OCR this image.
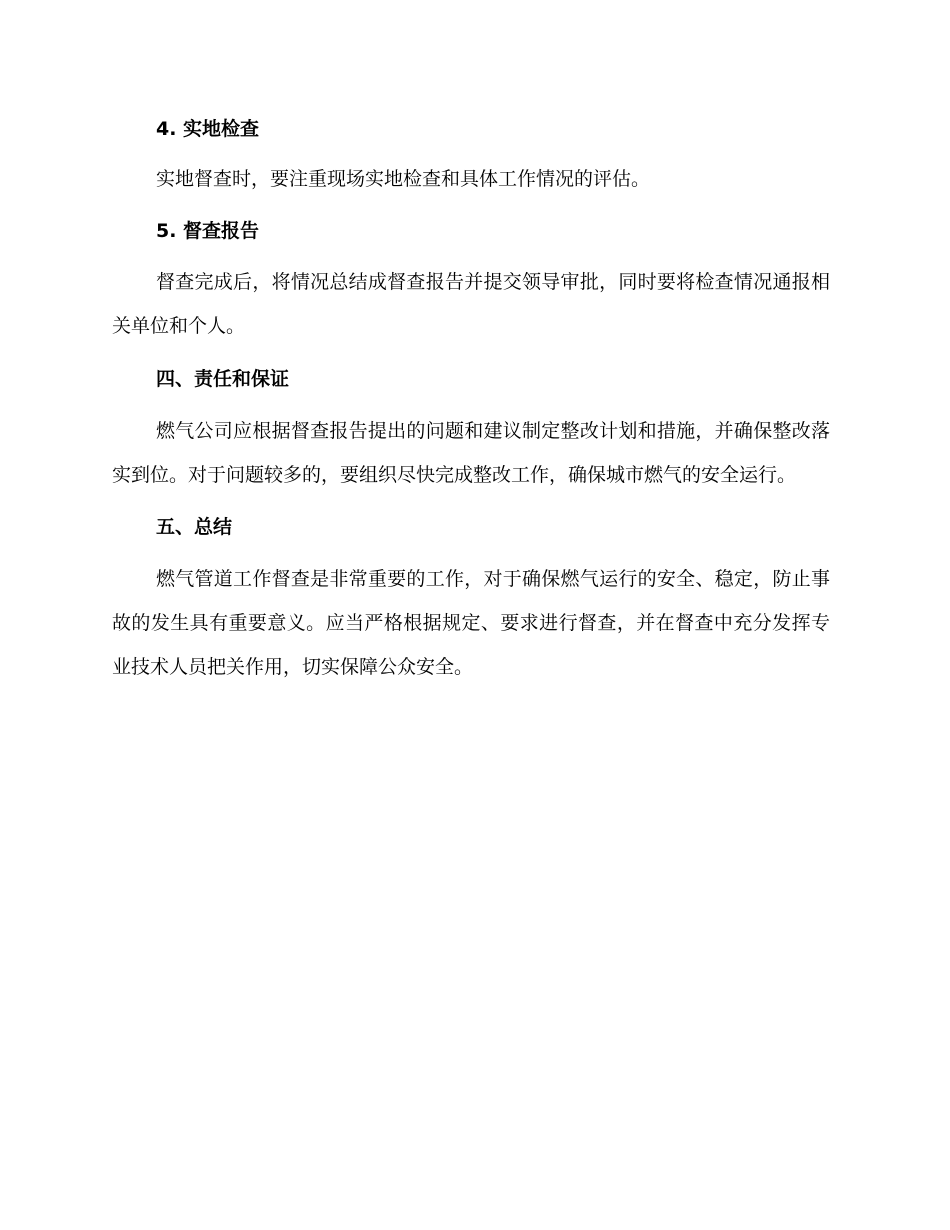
4. 实地检查

实地督查时，要注重现场实地检查和具体工作情况的评估。

5. 督查报告

督查完成后，将情况总结成督查报告并提交领导审批，同时要将检查情况通报相关单位和个人。

四、责任和保证

燃气公司应根据督查报告提出的问题和建议制定整改计划和措施，并确保整改落实到位。对于问题较多的，要组织尽快完成整改工作，确保城市燃气的安全运行。

五、总结

燃气管道工作督查是非常重要的工作，对于确保燃气运行的安全、稳定，防止事故的发生具有重要意义。应当严格根据规定、要求进行督查，并在督查中充分发挥专业技术人员把关作用，切实保障公众安全。
